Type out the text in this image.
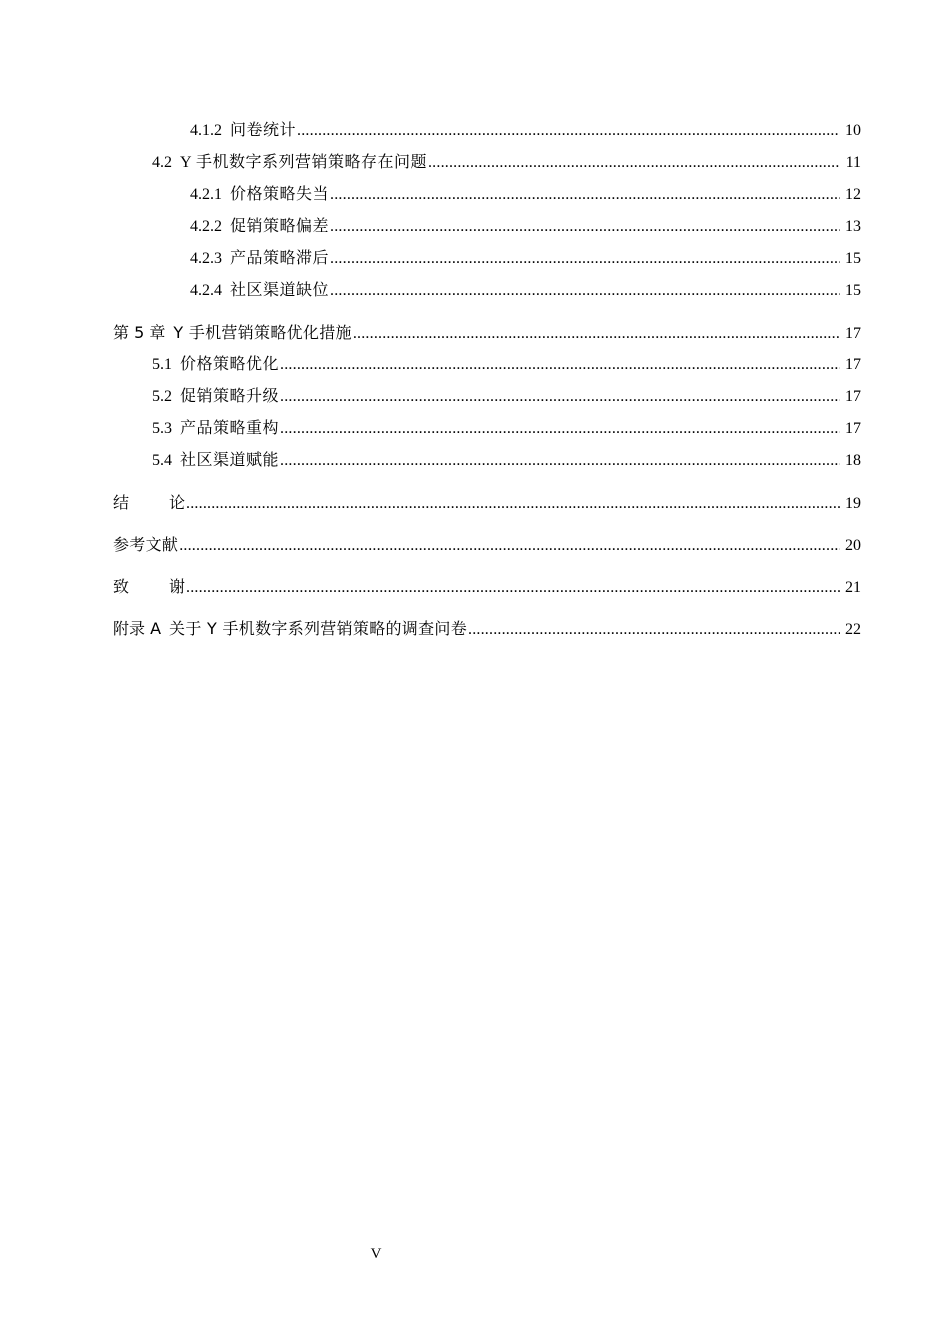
4.1.2 问卷统计 .....	10
4.2 Y 手机数字系列营销策略存在问题 .....	11
4.2.1 价格策略失当 .....	12
4.2.2 促销策略偏差 .....	13
4.2.3 产品策略滞后 .....	15
4.2.4 社区渠道缺位 .....	15
第 5 章 Y 手机营销策略优化措施 .....	17
5.1 价格策略优化 .....	17
5.2 促销策略升级 .....	17
5.3 产品策略重构 .....	17
5.4 社区渠道赋能 .....	18
结	论 .....	19
参考文献 .....	20
致	谢 .....	21
附录 A 关于 Y 手机数字系列营销策略的调查问卷 .....	22
V
